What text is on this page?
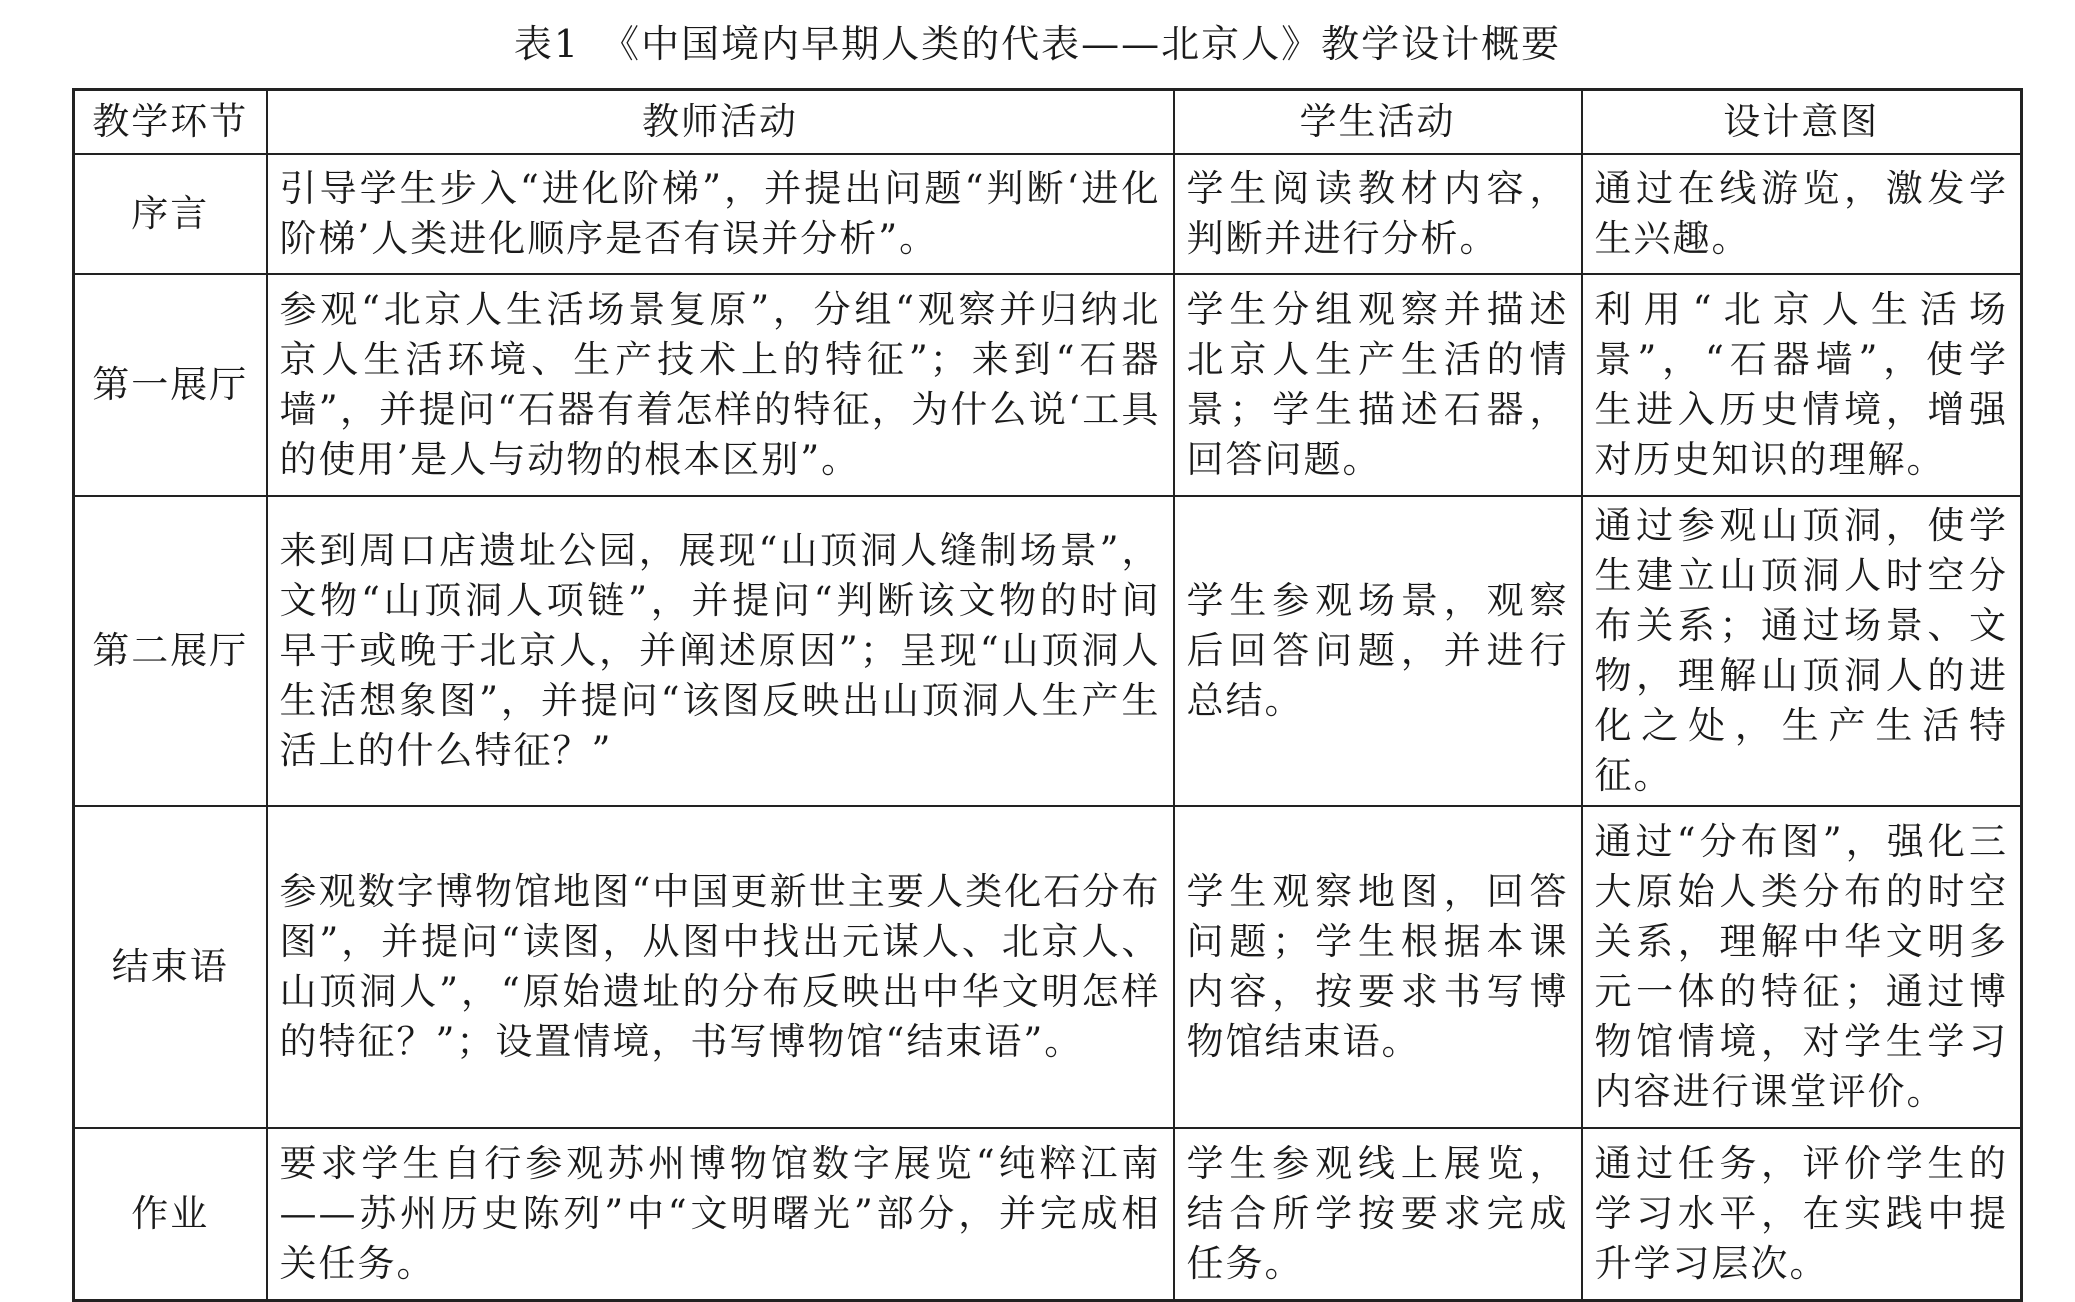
表1　《中国境内早期人类的代表——北京人》教学设计概要
教学环节	教师活动	学生活动	设计意图
序言	引导学生步入“进化阶梯”，并提出问题“判断‘进化阶梯’人类进化顺序是否有误并分析”。	学生阅读教材内容，判断并进行分析。	通过在线游览，激发学生兴趣。
第一展厅	参观“北京人生活场景复原”，分组“观察并归纳北京人生活环境、生产技术上的特征”；来到“石器墙”，并提问“石器有着怎样的特征，为什么说‘工具的使用’是人与动物的根本区别”。	学生分组观察并描述北京人生产生活的情景；学生描述石器，回答问题。	利用“北京人生活场景”，“石器墙”，使学生进入历史情境，增强对历史知识的理解。
第二展厅	来到周口店遗址公园，展现“山顶洞人缝制场景”，文物“山顶洞人项链”，并提问“判断该文物的时间早于或晚于北京人，并阐述原因”；呈现“山顶洞人生活想象图”，并提问“该图反映出山顶洞人生产生活上的什么特征？”	学生参观场景，观察后回答问题，并进行总结。	通过参观山顶洞，使学生建立山顶洞人时空分布关系；通过场景、文物，理解山顶洞人的进化之处，生产生活特征。
结束语	参观数字博物馆地图“中国更新世主要人类化石分布图”，并提问“读图，从图中找出元谋人、北京人、山顶洞人”，“原始遗址的分布反映出中华文明怎样的特征？”；设置情境，书写博物馆“结束语”。	学生观察地图，回答问题；学生根据本课内容，按要求书写博物馆结束语。	通过“分布图”，强化三大原始人类分布的时空关系，理解中华文明多元一体的特征；通过博物馆情境，对学生学习内容进行课堂评价。
作业	要求学生自行参观苏州博物馆数字展览“纯粹江南——苏州历史陈列”中“文明曙光”部分，并完成相关任务。	学生参观线上展览，结合所学按要求完成任务。	通过任务，评价学生的学习水平，在实践中提升学习层次。
